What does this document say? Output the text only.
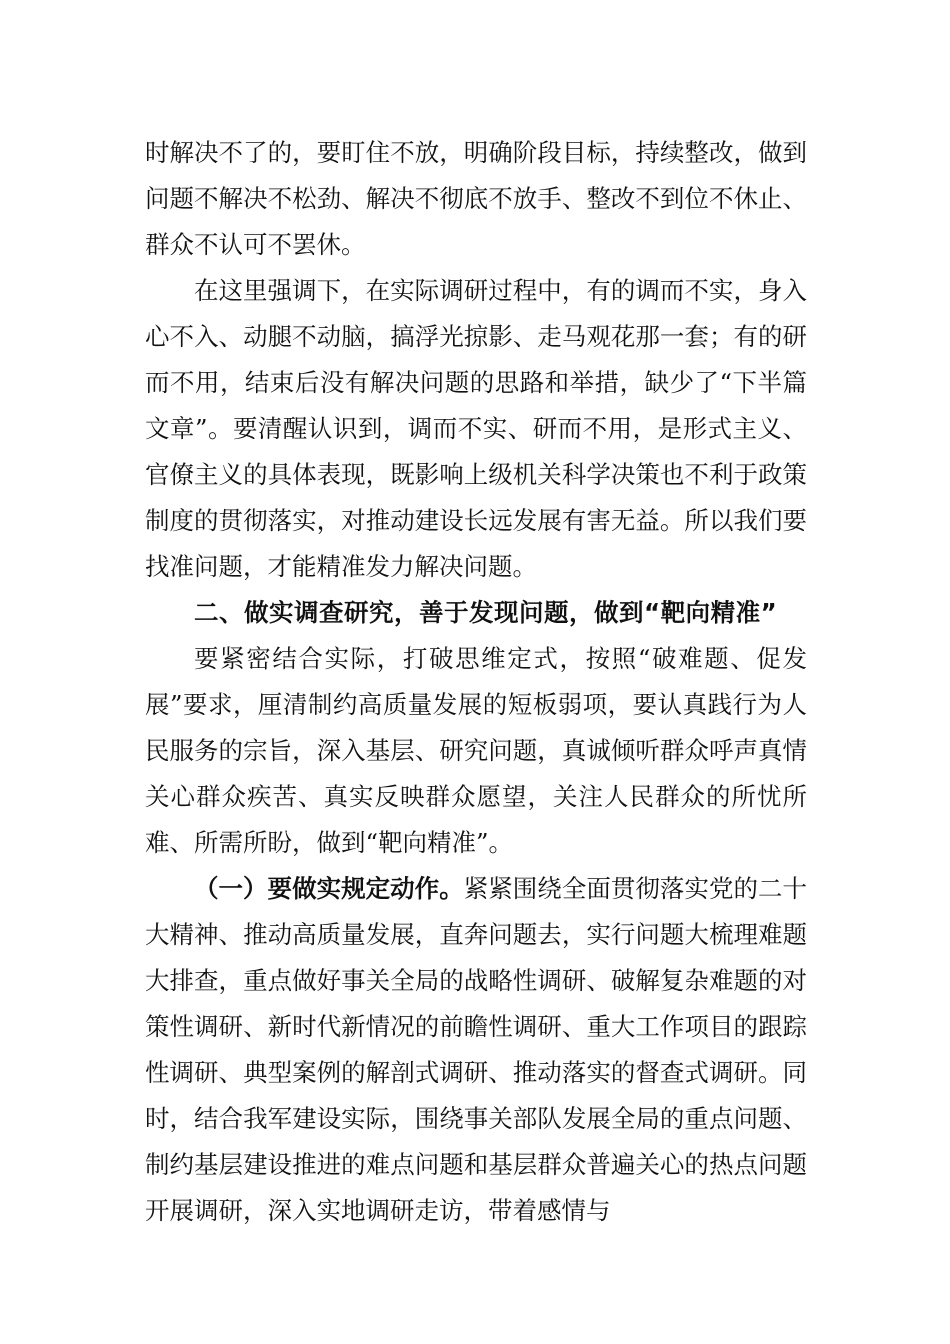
时解决不了的，要盯住不放，明确阶段目标，持续整改，做到问题不解决不松劲、解决不彻底不放手、整改不到位不休止、群众不认可不罢休。

在这里强调下，在实际调研过程中，有的调而不实，身入心不入、动腿不动脑，搞浮光掠影、走马观花那一套；有的研而不用，结束后没有解决问题的思路和举措，缺少了“下半篇文章”。要清醒认识到，调而不实、研而不用，是形式主义、官僚主义的具体表现，既影响上级机关科学决策也不利于政策制度的贯彻落实，对推动建设长远发展有害无益。所以我们要找准问题，才能精准发力解决问题。

二、做实调查研究，善于发现问题，做到“靶向精准”

要紧密结合实际，打破思维定式，按照“破难题、促发展”要求，厘清制约高质量发展的短板弱项，要认真践行为人民服务的宗旨，深入基层、研究问题，真诚倾听群众呼声真情关心群众疾苦、真实反映群众愿望，关注人民群众的所忧所难、所需所盼，做到“靶向精准”。

（一）要做实规定动作。紧紧围绕全面贯彻落实党的二十大精神、推动高质量发展，直奔问题去，实行问题大梳理难题大排查，重点做好事关全局的战略性调研、破解复杂难题的对策性调研、新时代新情况的前瞻性调研、重大工作项目的跟踪性调研、典型案例的解剖式调研、推动落实的督查式调研。同时，结合我军建设实际，围绕事关部队发展全局的重点问题、制约基层建设推进的难点问题和基层群众普遍关心的热点问题开展调研，深入实地调研走访，带着感情与
